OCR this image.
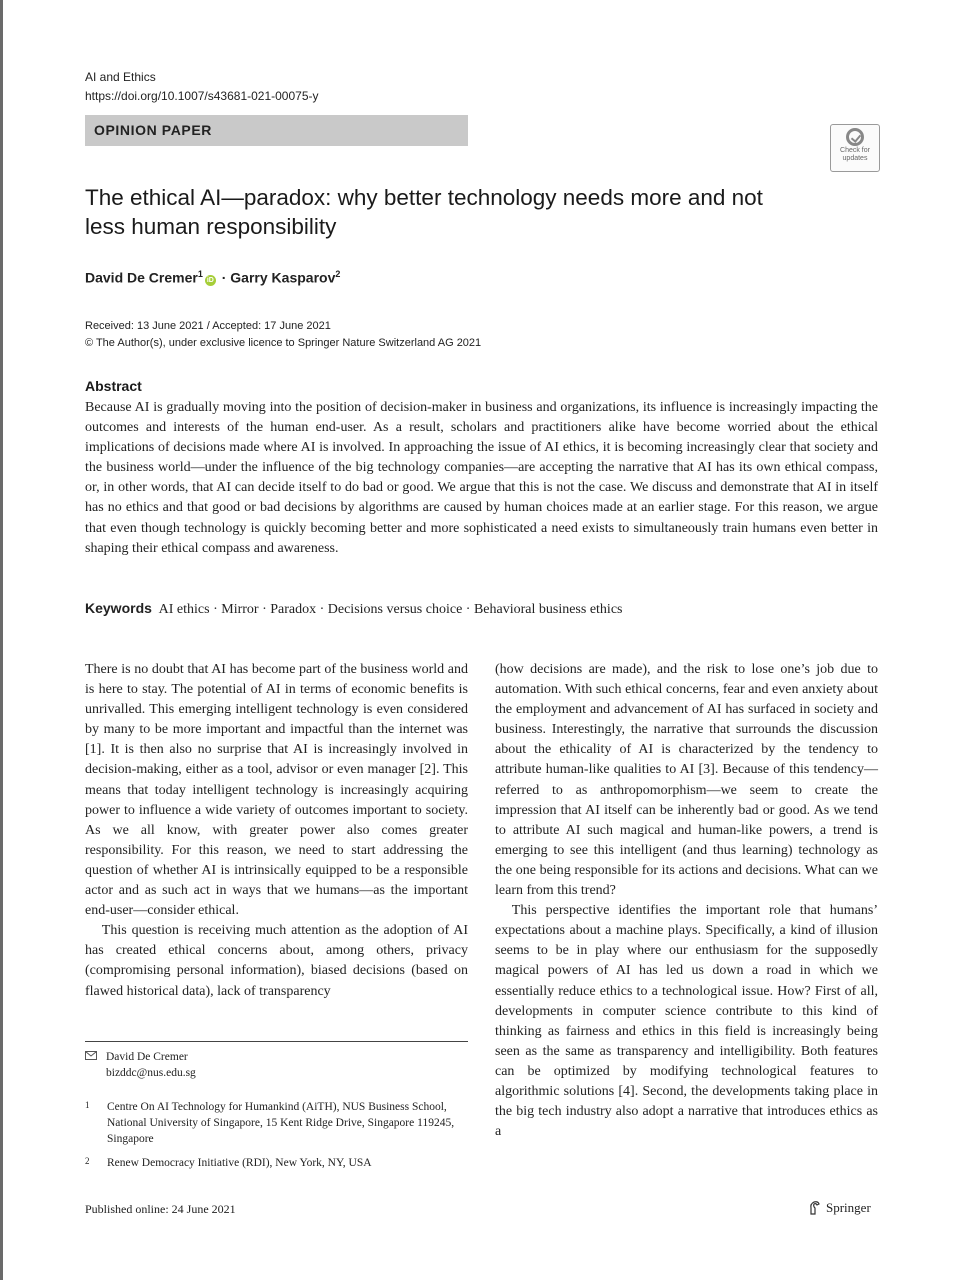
AI and Ethics
https://doi.org/10.1007/s43681-021-00075-y
OPINION PAPER
Check for updates
The ethical AI—paradox: why better technology needs more and not less human responsibility
David De Cremer$^1$iD · Garry Kasparov$^2$
Received: 13 June 2021 / Accepted: 17 June 2021
© The Author(s), under exclusive licence to Springer Nature Switzerland AG 2021
Abstract

Because AI is gradually moving into the position of decision-maker in business and organizations, its influence is increasingly impacting the outcomes and interests of the human end-user. As a result, scholars and practitioners alike have become worried about the ethical implications of decisions made where AI is involved. In approaching the issue of AI ethics, it is becoming increasingly clear that society and the business world—under the influence of the big technology companies—are accepting the narrative that AI has its own ethical compass, or, in other words, that AI can decide itself to do bad or good. We argue that this is not the case. We discuss and demonstrate that AI in itself has no ethics and that good or bad decisions by algorithms are caused by human choices made at an earlier stage. For this reason, we argue that even though technology is quickly becoming better and more sophisticated a need exists to simultaneously train humans even better in shaping their ethical compass and awareness.

Keywords AI ethics · Mirror · Paradox · Decisions versus choice · Behavioral business ethics

There is no doubt that AI has become part of the business world and is here to stay. The potential of AI in terms of economic benefits is unrivalled. This emerging intelligent technology is even considered by many to be more important and impactful than the internet was [1]. It is then also no surprise that AI is increasingly involved in decision-making, either as a tool, advisor or even manager [2]. This means that today intelligent technology is increasingly acquiring power to influence a wide variety of outcomes important to society. As we all know, with greater power also comes greater responsibility. For this reason, we need to start addressing the question of whether AI is intrinsically equipped to be a responsible actor and as such act in ways that we humans—as the important end-user—consider ethical.

This question is receiving much attention as the adoption of AI has created ethical concerns about, among others, privacy (compromising personal information), biased decisions (based on flawed historical data), lack of transparency

(how decisions are made), and the risk to lose one’s job due to automation. With such ethical concerns, fear and even anxiety about the employment and advancement of AI has surfaced in society and business. Interestingly, the narrative that surrounds the discussion about the ethicality of AI is characterized by the tendency to attribute human-like qualities to AI [3]. Because of this tendency—referred to as anthropomorphism—we seem to create the impression that AI itself can be inherently bad or good. As we tend to attribute AI such magical and human-like powers, a trend is emerging to see this intelligent (and thus learning) technology as the one being responsible for its actions and decisions. What can we learn from this trend?

This perspective identifies the important role that humans’ expectations about a machine plays. Specifically, a kind of illusion seems to be in play where our enthusiasm for the supposedly magical powers of AI has led us down a road in which we essentially reduce ethics to a technological issue. How? First of all, developments in computer science contribute to this kind of thinking as fairness and ethics in this field is increasingly being seen as the same as transparency and intelligibility. Both features can be optimized by modifying technological features to algorithmic solutions [4]. Second, the developments taking place in the big tech industry also adopt a narrative that introduces ethics as a

David De Cremer
bizddc@nus.edu.sg
1 Centre On AI Technology for Humankind (AiTH), NUS Business School, National University of Singapore, 15 Kent Ridge Drive, Singapore 119245, Singapore
2 Renew Democracy Initiative (RDI), New York, NY, USA
Published online: 24 June 2021	Springer
